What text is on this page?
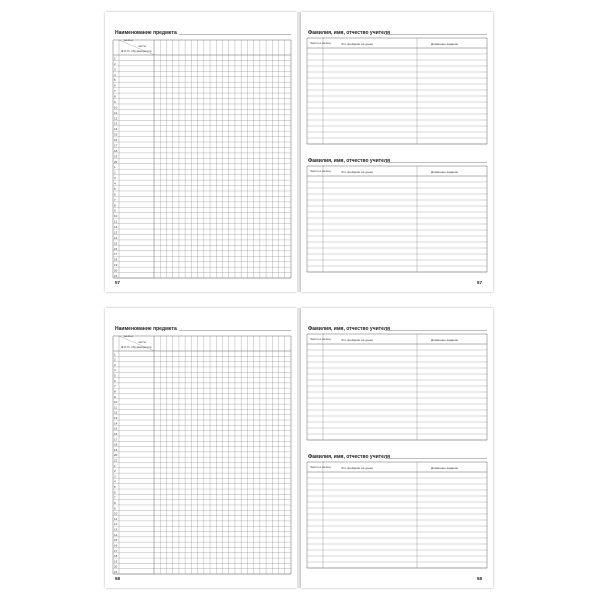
Наименование предмета
месяц
число
Ф.И.О. обучающегося
1
2
3
4
5
6
7
8
9
10
11
12
13
14
15
16
17
18
19
20
1
2
3
4
5
6
7
8
9
10
11
12
13
14
15
16
17
18
19
20
21
57
Фамилия, имя, отчество учителя
Число и месяц	Что пройдено на уроке	Домашнее задание
Фамилия, имя, отчество учителя
Число и месяц	Что пройдено на уроке	Домашнее задание
57
Наименование предмета
месяц
число
Ф.И.О. обучающегося
1
2
3
4
5
6
7
8
9
10
11
12
13
14
15
16
17
18
19
20
21
1
2
3
4
5
6
7
8
9
10
11
12
13
14
15
16
17
18
19
20
21
58
Фамилия, имя, отчество учителя
Число и месяц	Что пройдено на уроке	Домашнее задание
Фамилия, имя, отчество учителя
Число и месяц	Что пройдено на уроке	Домашнее задание
58
